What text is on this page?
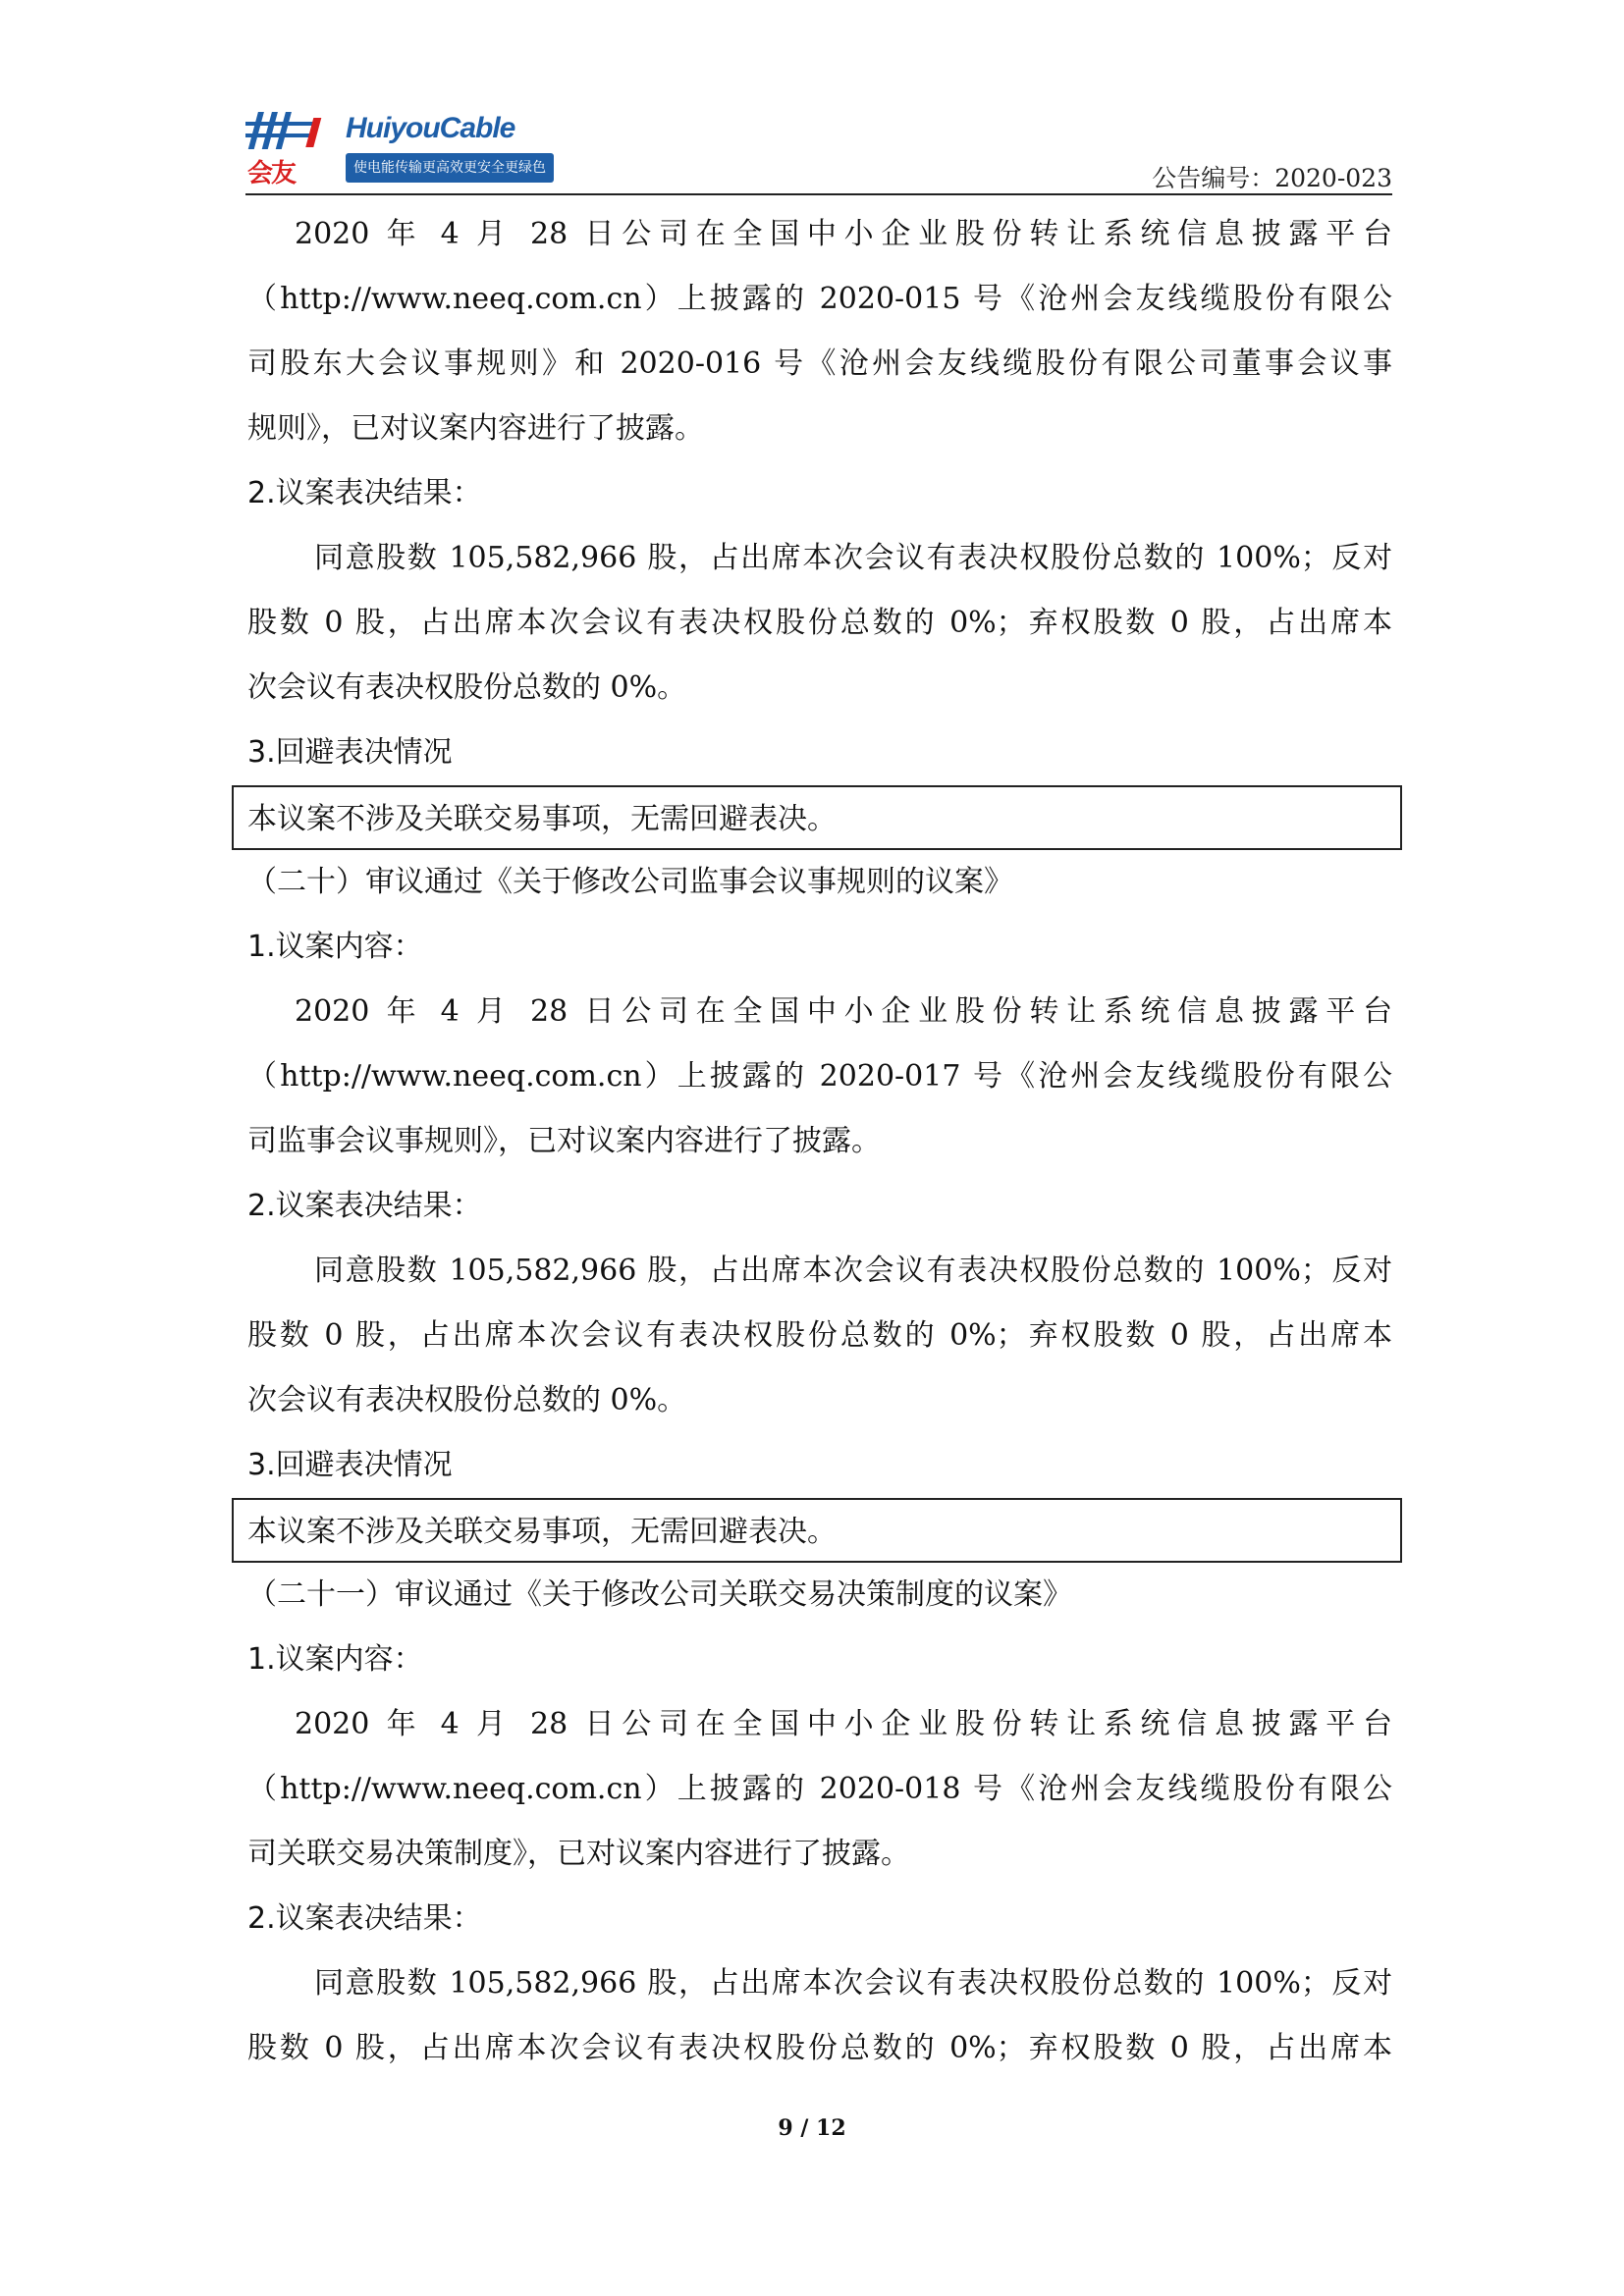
会友
HuiyouCable
使电能传输更高效更安全更绿色	公告编号：2020-023
2020 年 4 月 28 日公司在全国中小企业股份转让系统信息披露平台
（http://www.neeq.com.cn）上披露的 2020-015 号《沧州会友线缆股份有限公
司股东大会议事规则》和 2020-016 号《沧州会友线缆股份有限公司董事会议事
规则》，已对议案内容进行了披露。
2.议案表决结果：
同意股数 105,582,966 股，占出席本次会议有表决权股份总数的 100%；反对
股数 0 股，占出席本次会议有表决权股份总数的 0%；弃权股数 0 股，占出席本
次会议有表决权股份总数的 0%。
3.回避表决情况
本议案不涉及关联交易事项，无需回避表决。
（二十）审议通过《关于修改公司监事会议事规则的议案》
1.议案内容：
2020 年 4 月 28 日公司在全国中小企业股份转让系统信息披露平台
（http://www.neeq.com.cn）上披露的 2020-017 号《沧州会友线缆股份有限公
司监事会议事规则》，已对议案内容进行了披露。
2.议案表决结果：
同意股数 105,582,966 股，占出席本次会议有表决权股份总数的 100%；反对
股数 0 股，占出席本次会议有表决权股份总数的 0%；弃权股数 0 股，占出席本
次会议有表决权股份总数的 0%。
3.回避表决情况
本议案不涉及关联交易事项，无需回避表决。
（二十一）审议通过《关于修改公司关联交易决策制度的议案》
1.议案内容：
2020 年 4 月 28 日公司在全国中小企业股份转让系统信息披露平台
（http://www.neeq.com.cn）上披露的 2020-018 号《沧州会友线缆股份有限公
司关联交易决策制度》，已对议案内容进行了披露。
2.议案表决结果：
同意股数 105,582,966 股，占出席本次会议有表决权股份总数的 100%；反对
股数 0 股，占出席本次会议有表决权股份总数的 0%；弃权股数 0 股，占出席本
9 / 12
